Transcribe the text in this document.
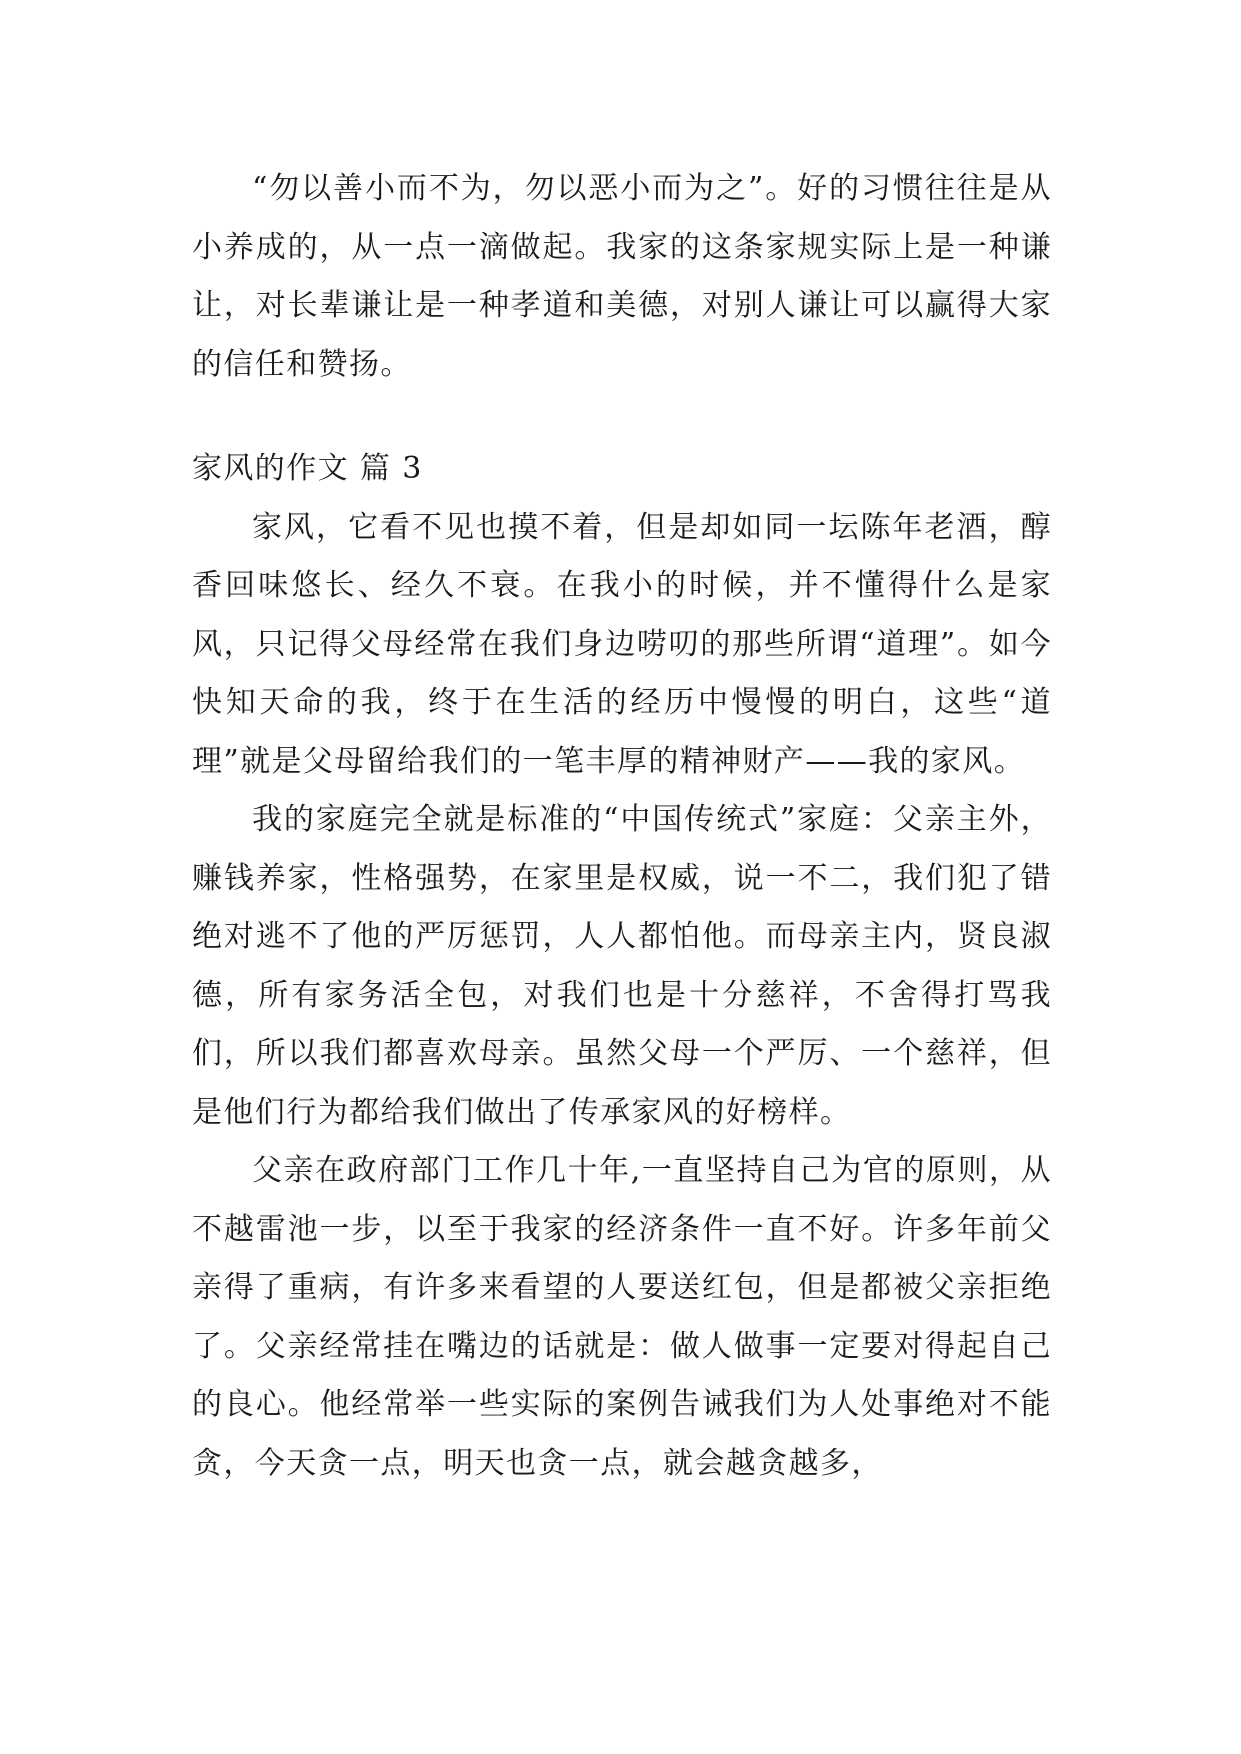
“勿以善小而不为，勿以恶小而为之”。好的习惯往往是从小养成的，从一点一滴做起。我家的这条家规实际上是一种谦让，对长辈谦让是一种孝道和美德，对别人谦让可以赢得大家的信任和赞扬。

家风的作文 篇 3

家风，它看不见也摸不着，但是却如同一坛陈年老酒，醇香回味悠长、经久不衰。在我小的时候，并不懂得什么是家风，只记得父母经常在我们身边唠叨的那些所谓“道理”。如今快知天命的我，终于在生活的经历中慢慢的明白，这些“道理”就是父母留给我们的一笔丰厚的精神财产——我的家风。

我的家庭完全就是标准的“中国传统式”家庭：父亲主外，赚钱养家，性格强势，在家里是权威，说一不二，我们犯了错绝对逃不了他的严厉惩罚，人人都怕他。而母亲主内，贤良淑德，所有家务活全包，对我们也是十分慈祥，不舍得打骂我们，所以我们都喜欢母亲。虽然父母一个严厉、一个慈祥，但是他们行为都给我们做出了传承家风的好榜样。

父亲在政府部门工作几十年,一直坚持自己为官的原则，从不越雷池一步，以至于我家的经济条件一直不好。许多年前父亲得了重病，有许多来看望的人要送红包，但是都被父亲拒绝了。父亲经常挂在嘴边的话就是：做人做事一定要对得起自己的良心。他经常举一些实际的案例告诫我们为人处事绝对不能贪，今天贪一点，明天也贪一点，就会越贪越多，
